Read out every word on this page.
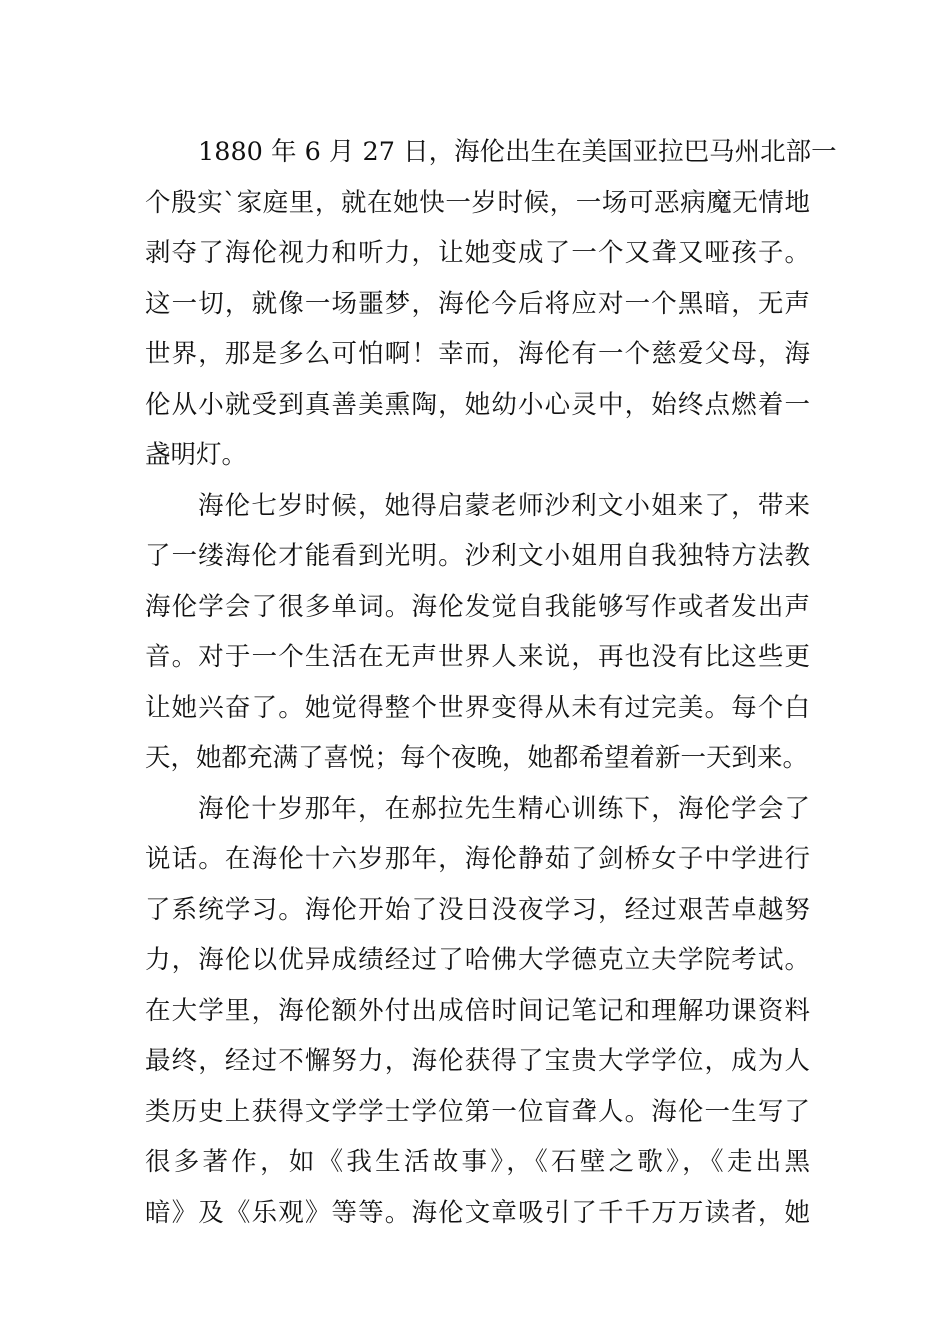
1880 年 6 月 27 日，海伦出生在美国亚拉巴马州北部一
个殷实`家庭里，就在她快一岁时候，一场可恶病魔无情地
剥夺了海伦视力和听力，让她变成了一个又聋又哑孩子。
这一切，就像一场噩梦，海伦今后将应对一个黑暗，无声
世界，那是多么可怕啊！幸而，海伦有一个慈爱父母，海
伦从小就受到真善美熏陶，她幼小心灵中，始终点燃着一
盏明灯。
海伦七岁时候，她得启蒙老师沙利文小姐来了，带来
了一缕海伦才能看到光明。沙利文小姐用自我独特方法教
海伦学会了很多单词。海伦发觉自我能够写作或者发出声
音。对于一个生活在无声世界人来说，再也没有比这些更
让她兴奋了。她觉得整个世界变得从未有过完美。每个白
天，她都充满了喜悦；每个夜晚，她都希望着新一天到来。
海伦十岁那年，在郝拉先生精心训练下，海伦学会了
说话。在海伦十六岁那年，海伦静茹了剑桥女子中学进行
了系统学习。海伦开始了没日没夜学习，经过艰苦卓越努
力，海伦以优异成绩经过了哈佛大学德克立夫学院考试。
在大学里，海伦额外付出成倍时间记笔记和理解功课资料
最终，经过不懈努力，海伦获得了宝贵大学学位，成为人
类历史上获得文学学士学位第一位盲聋人。海伦一生写了
很多著作，如《我生活故事》，《石壁之歌》，《走出黑
暗》及《乐观》等等。海伦文章吸引了千千万万读者，她
